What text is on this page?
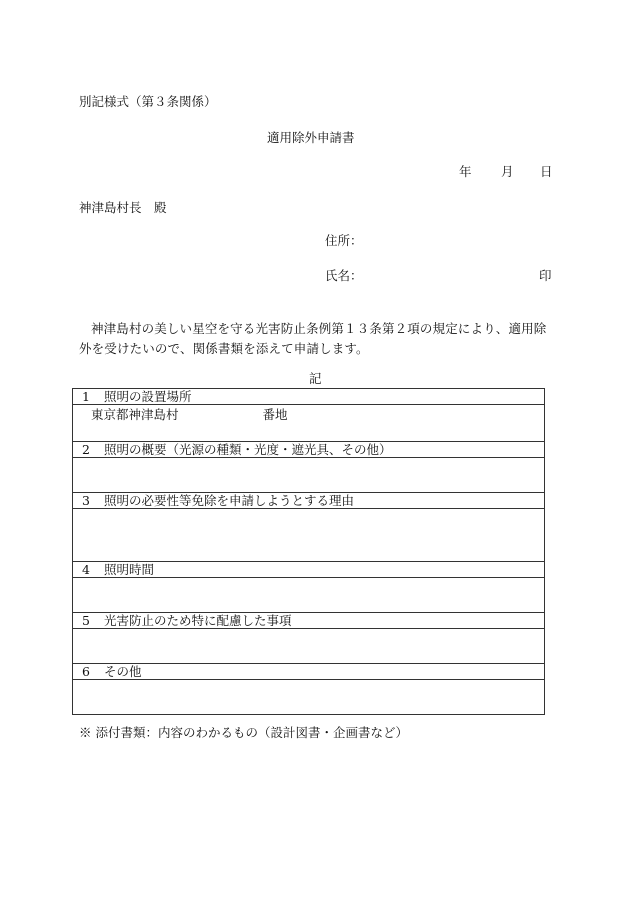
別記様式（第３条関係）
適用除外申請書
年 月 日
神津島村長　殿
住所：
氏名：	印
神津島村の美しい星空を守る光害防止条例第１３条第２項の規定により、適用除外を受けたいので、関係書類を添えて申請します。
記
1 照明の設置場所
東京都神津島村	番地
2 照明の概要（光源の種類・光度・遮光具、その他）

3 照明の必要性等免除を申請しようとする理由

4 照明時間

5 光害防止のため特に配慮した事項

6 その他

※ 添付書類：内容のわかるもの（設計図書・企画書など）
